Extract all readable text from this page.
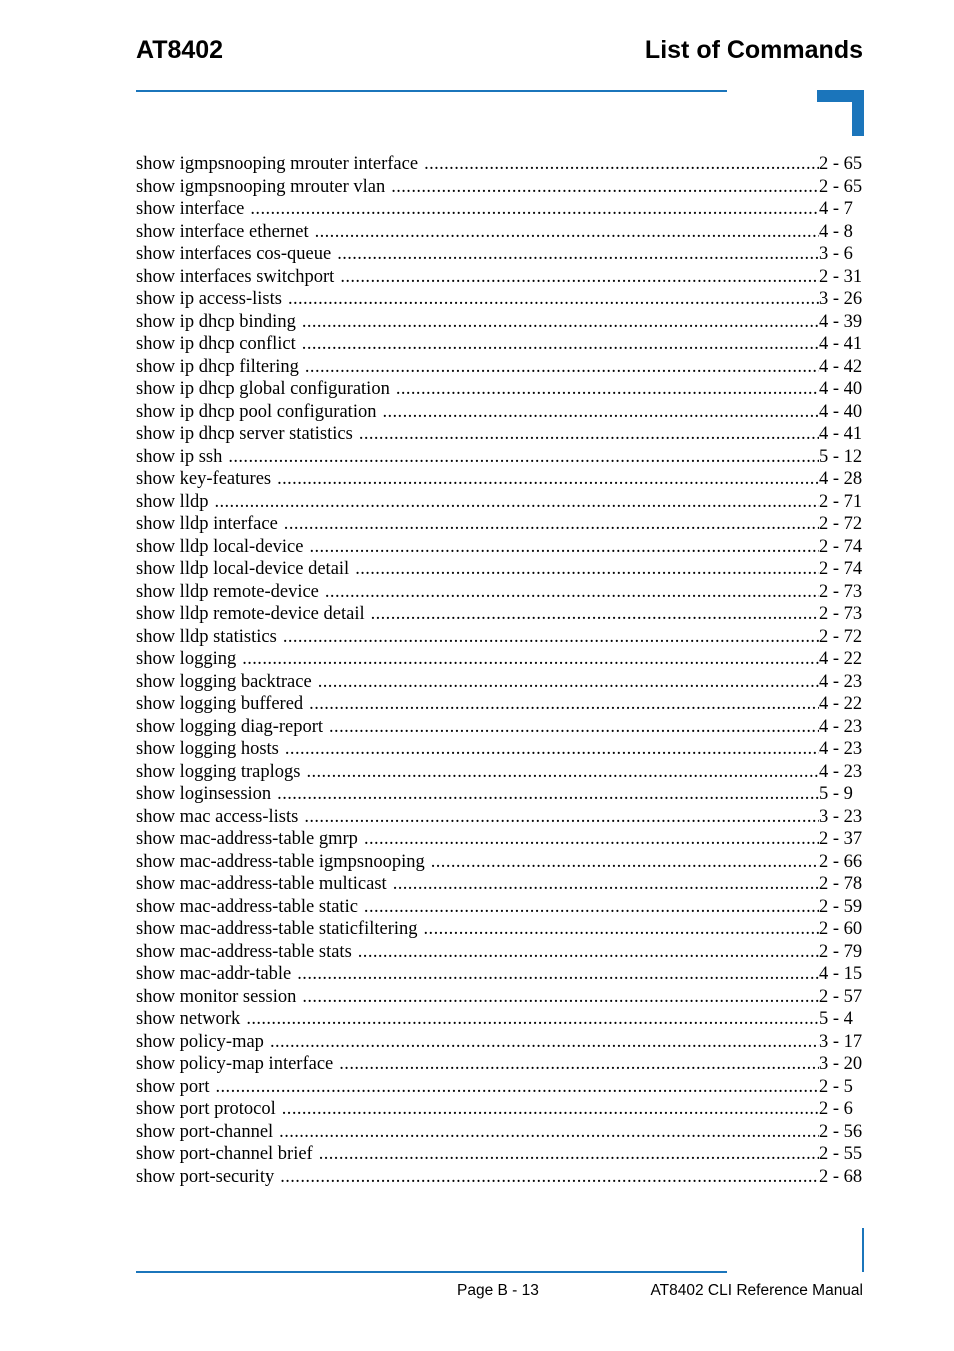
AT8402	List of Commands
show igmpsnooping mrouter interface .....	2 - 65
show igmpsnooping mrouter vlan .....	2 - 65
show interface .....	4 - 7
show interface ethernet .....	4 - 8
show interfaces cos-queue .....	3 - 6
show interfaces switchport .....	2 - 31
show ip access-lists .....	3 - 26
show ip dhcp binding .....	4 - 39
show ip dhcp conflict .....	4 - 41
show ip dhcp filtering .....	4 - 42
show ip dhcp global configuration .....	4 - 40
show ip dhcp pool configuration .....	4 - 40
show ip dhcp server statistics .....	4 - 41
show ip ssh .....	5 - 12
show key-features .....	4 - 28
show lldp .....	2 - 71
show lldp interface .....	2 - 72
show lldp local-device .....	2 - 74
show lldp local-device detail .....	2 - 74
show lldp remote-device .....	2 - 73
show lldp remote-device detail .....	2 - 73
show lldp statistics .....	2 - 72
show logging .....	4 - 22
show logging backtrace .....	4 - 23
show logging buffered .....	4 - 22
show logging diag-report .....	4 - 23
show logging hosts .....	4 - 23
show logging traplogs .....	4 - 23
show loginsession .....	5 - 9
show mac access-lists .....	3 - 23
show mac-address-table gmrp .....	2 - 37
show mac-address-table igmpsnooping .....	2 - 66
show mac-address-table multicast .....	2 - 78
show mac-address-table static .....	2 - 59
show mac-address-table staticfiltering .....	2 - 60
show mac-address-table stats .....	2 - 79
show mac-addr-table .....	4 - 15
show monitor session .....	2 - 57
show network .....	5 - 4
show policy-map .....	3 - 17
show policy-map interface .....	3 - 20
show port .....	2 - 5
show port protocol .....	2 - 6
show port-channel .....	2 - 56
show port-channel brief .....	2 - 55
show port-security .....	2 - 68
Page B - 13	AT8402 CLI Reference Manual
